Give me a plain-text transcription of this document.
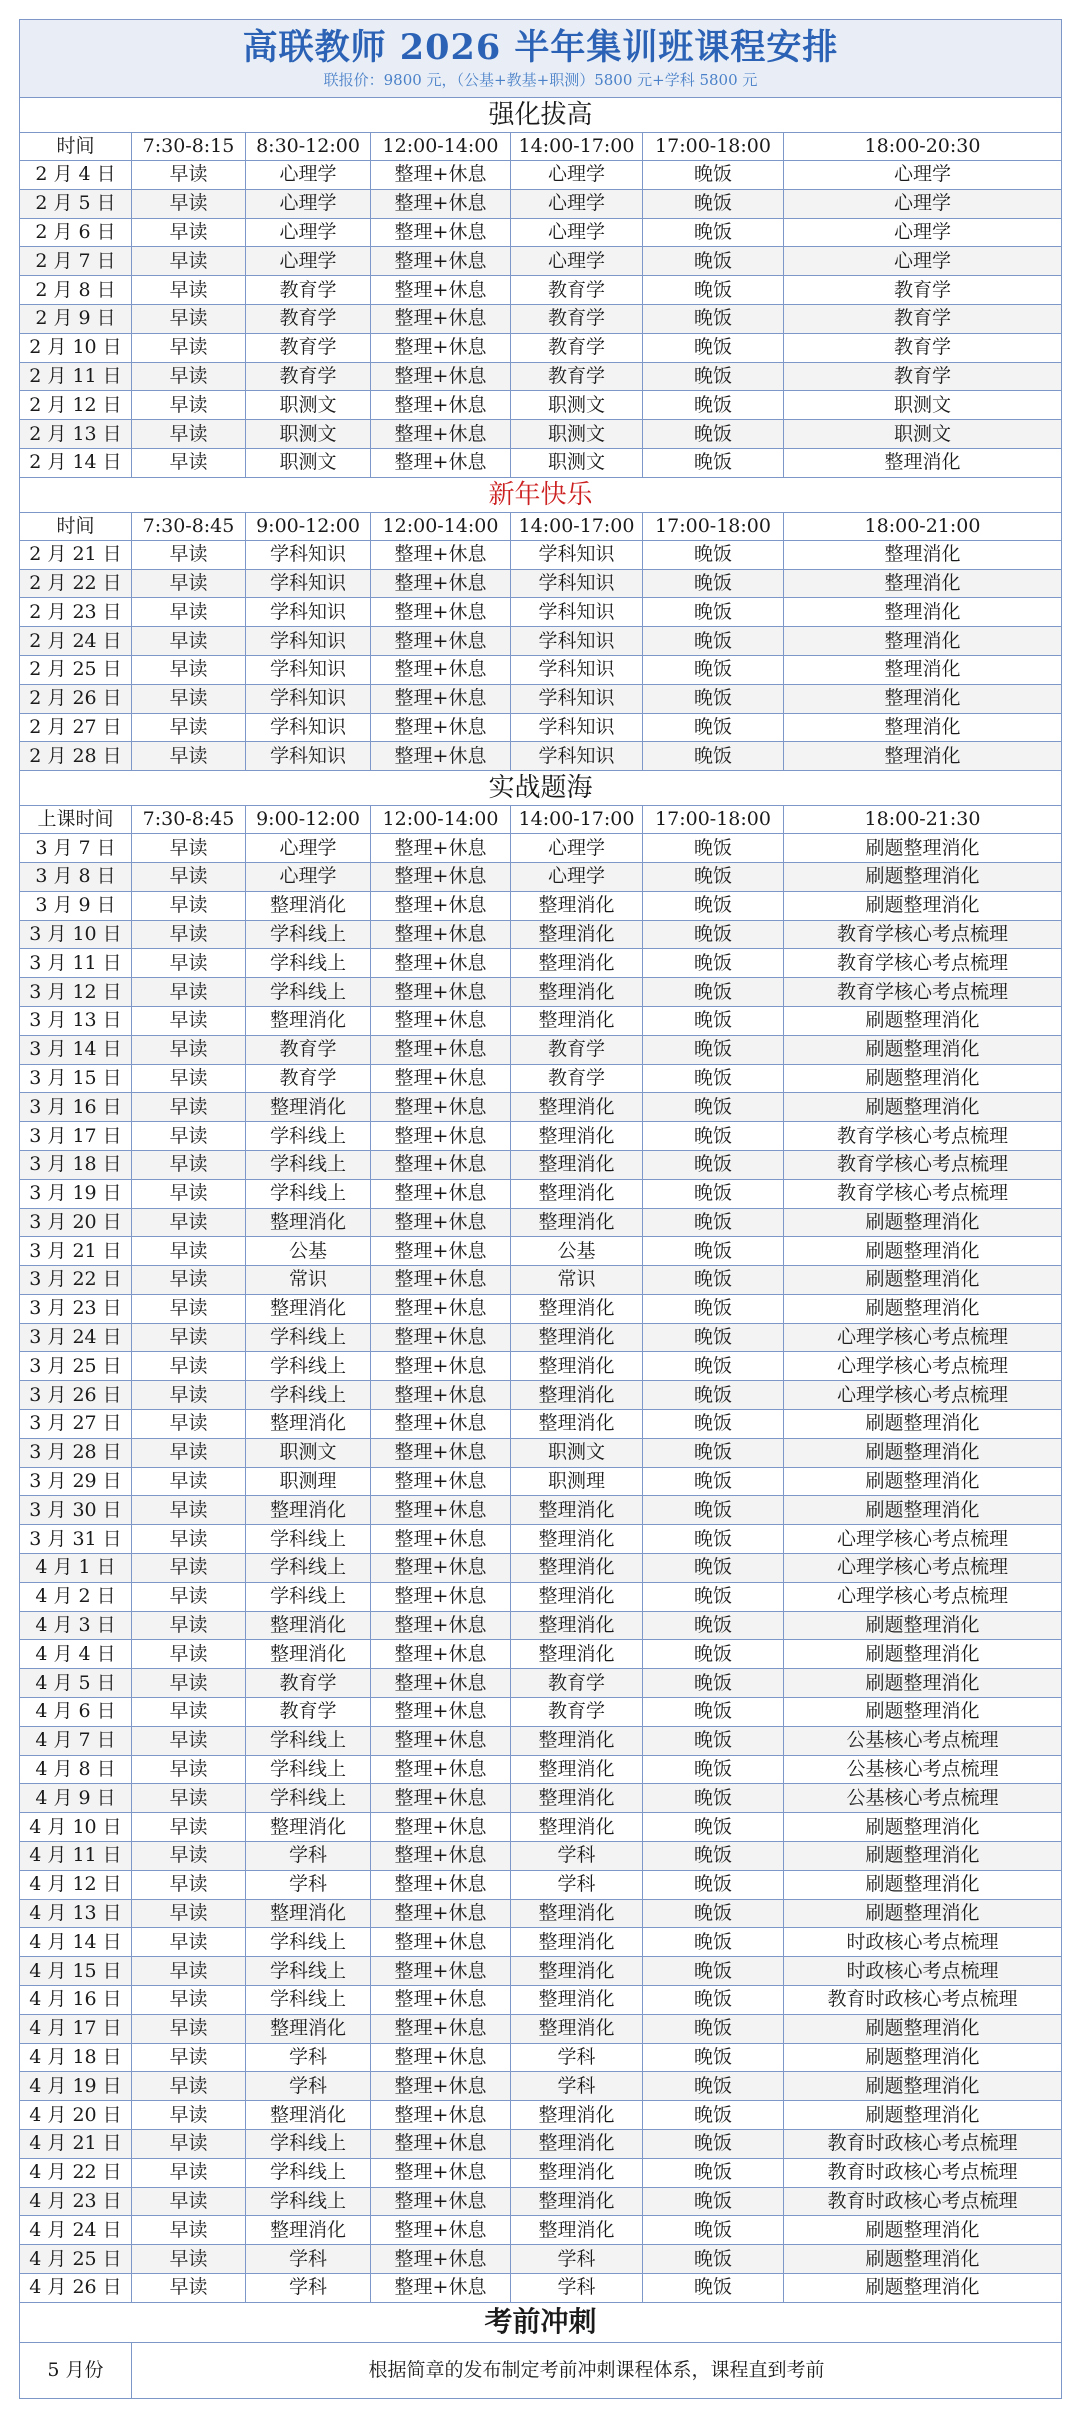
高联教师 2026 半年集训班课程安排
联报价：9800 元，（公基+教基+职测）5800 元+学科 5800 元						

强化拔高						
时间	7:30-8:15	8:30-12:00	12:00-14:00	14:00-17:00	17:00-18:00	18:00-20:30
2 月 4 日	早读	心理学	整理+休息	心理学	晚饭	心理学
2 月 5 日	早读	心理学	整理+休息	心理学	晚饭	心理学
2 月 6 日	早读	心理学	整理+休息	心理学	晚饭	心理学
2 月 7 日	早读	心理学	整理+休息	心理学	晚饭	心理学
2 月 8 日	早读	教育学	整理+休息	教育学	晚饭	教育学
2 月 9 日	早读	教育学	整理+休息	教育学	晚饭	教育学
2 月 10 日	早读	教育学	整理+休息	教育学	晚饭	教育学
2 月 11 日	早读	教育学	整理+休息	教育学	晚饭	教育学
2 月 12 日	早读	职测文	整理+休息	职测文	晚饭	职测文
2 月 13 日	早读	职测文	整理+休息	职测文	晚饭	职测文
2 月 14 日	早读	职测文	整理+休息	职测文	晚饭	整理消化
新年快乐						
时间	7:30-8:45	9:00-12:00	12:00-14:00	14:00-17:00	17:00-18:00	18:00-21:00
2 月 21 日	早读	学科知识	整理+休息	学科知识	晚饭	整理消化
2 月 22 日	早读	学科知识	整理+休息	学科知识	晚饭	整理消化
2 月 23 日	早读	学科知识	整理+休息	学科知识	晚饭	整理消化
2 月 24 日	早读	学科知识	整理+休息	学科知识	晚饭	整理消化
2 月 25 日	早读	学科知识	整理+休息	学科知识	晚饭	整理消化
2 月 26 日	早读	学科知识	整理+休息	学科知识	晚饭	整理消化
2 月 27 日	早读	学科知识	整理+休息	学科知识	晚饭	整理消化
2 月 28 日	早读	学科知识	整理+休息	学科知识	晚饭	整理消化
实战题海						
上课时间	7:30-8:45	9:00-12:00	12:00-14:00	14:00-17:00	17:00-18:00	18:00-21:30
3 月 7 日	早读	心理学	整理+休息	心理学	晚饭	刷题整理消化
3 月 8 日	早读	心理学	整理+休息	心理学	晚饭	刷题整理消化
3 月 9 日	早读	整理消化	整理+休息	整理消化	晚饭	刷题整理消化
3 月 10 日	早读	学科线上	整理+休息	整理消化	晚饭	教育学核心考点梳理
3 月 11 日	早读	学科线上	整理+休息	整理消化	晚饭	教育学核心考点梳理
3 月 12 日	早读	学科线上	整理+休息	整理消化	晚饭	教育学核心考点梳理
3 月 13 日	早读	整理消化	整理+休息	整理消化	晚饭	刷题整理消化
3 月 14 日	早读	教育学	整理+休息	教育学	晚饭	刷题整理消化
3 月 15 日	早读	教育学	整理+休息	教育学	晚饭	刷题整理消化
3 月 16 日	早读	整理消化	整理+休息	整理消化	晚饭	刷题整理消化
3 月 17 日	早读	学科线上	整理+休息	整理消化	晚饭	教育学核心考点梳理
3 月 18 日	早读	学科线上	整理+休息	整理消化	晚饭	教育学核心考点梳理
3 月 19 日	早读	学科线上	整理+休息	整理消化	晚饭	教育学核心考点梳理
3 月 20 日	早读	整理消化	整理+休息	整理消化	晚饭	刷题整理消化
3 月 21 日	早读	公基	整理+休息	公基	晚饭	刷题整理消化
3 月 22 日	早读	常识	整理+休息	常识	晚饭	刷题整理消化
3 月 23 日	早读	整理消化	整理+休息	整理消化	晚饭	刷题整理消化
3 月 24 日	早读	学科线上	整理+休息	整理消化	晚饭	心理学核心考点梳理
3 月 25 日	早读	学科线上	整理+休息	整理消化	晚饭	心理学核心考点梳理
3 月 26 日	早读	学科线上	整理+休息	整理消化	晚饭	心理学核心考点梳理
3 月 27 日	早读	整理消化	整理+休息	整理消化	晚饭	刷题整理消化
3 月 28 日	早读	职测文	整理+休息	职测文	晚饭	刷题整理消化
3 月 29 日	早读	职测理	整理+休息	职测理	晚饭	刷题整理消化
3 月 30 日	早读	整理消化	整理+休息	整理消化	晚饭	刷题整理消化
3 月 31 日	早读	学科线上	整理+休息	整理消化	晚饭	心理学核心考点梳理
4 月 1 日	早读	学科线上	整理+休息	整理消化	晚饭	心理学核心考点梳理
4 月 2 日	早读	学科线上	整理+休息	整理消化	晚饭	心理学核心考点梳理
4 月 3 日	早读	整理消化	整理+休息	整理消化	晚饭	刷题整理消化
4 月 4 日	早读	整理消化	整理+休息	整理消化	晚饭	刷题整理消化
4 月 5 日	早读	教育学	整理+休息	教育学	晚饭	刷题整理消化
4 月 6 日	早读	教育学	整理+休息	教育学	晚饭	刷题整理消化
4 月 7 日	早读	学科线上	整理+休息	整理消化	晚饭	公基核心考点梳理
4 月 8 日	早读	学科线上	整理+休息	整理消化	晚饭	公基核心考点梳理
4 月 9 日	早读	学科线上	整理+休息	整理消化	晚饭	公基核心考点梳理
4 月 10 日	早读	整理消化	整理+休息	整理消化	晚饭	刷题整理消化
4 月 11 日	早读	学科	整理+休息	学科	晚饭	刷题整理消化
4 月 12 日	早读	学科	整理+休息	学科	晚饭	刷题整理消化
4 月 13 日	早读	整理消化	整理+休息	整理消化	晚饭	刷题整理消化
4 月 14 日	早读	学科线上	整理+休息	整理消化	晚饭	时政核心考点梳理
4 月 15 日	早读	学科线上	整理+休息	整理消化	晚饭	时政核心考点梳理
4 月 16 日	早读	学科线上	整理+休息	整理消化	晚饭	教育时政核心考点梳理
4 月 17 日	早读	整理消化	整理+休息	整理消化	晚饭	刷题整理消化
4 月 18 日	早读	学科	整理+休息	学科	晚饭	刷题整理消化
4 月 19 日	早读	学科	整理+休息	学科	晚饭	刷题整理消化
4 月 20 日	早读	整理消化	整理+休息	整理消化	晚饭	刷题整理消化
4 月 21 日	早读	学科线上	整理+休息	整理消化	晚饭	教育时政核心考点梳理
4 月 22 日	早读	学科线上	整理+休息	整理消化	晚饭	教育时政核心考点梳理
4 月 23 日	早读	学科线上	整理+休息	整理消化	晚饭	教育时政核心考点梳理
4 月 24 日	早读	整理消化	整理+休息	整理消化	晚饭	刷题整理消化
4 月 25 日	早读	学科	整理+休息	学科	晚饭	刷题整理消化
4 月 26 日	早读	学科	整理+休息	学科	晚饭	刷题整理消化
考前冲刺						
5 月份	根据简章的发布制定考前冲刺课程体系，课程直到考前					
